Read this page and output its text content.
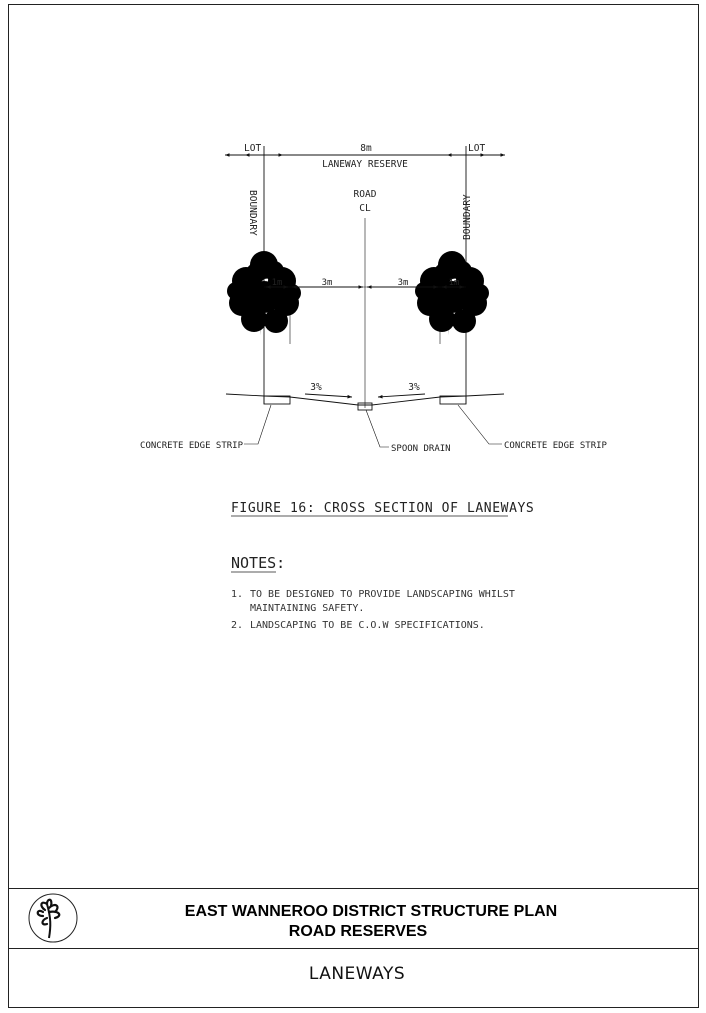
LOT	LOT
8m
LANEWAY RESERVE
ROAD
CL
BOUNDARY	BOUNDARY
1m	3m	3m	1m
3%	3%
CONCRETE EDGE STRIP	SPOON DRAIN	CONCRETE EDGE STRIP
FIGURE 16: CROSS SECTION OF LANEWAYS
NOTES:
1. TO BE DESIGNED TO PROVIDE LANDSCAPING WHILST
MAINTAINING SAFETY.
2. LANDSCAPING TO BE C.O.W SPECIFICATIONS.
EAST WANNEROO DISTRICT STRUCTURE PLAN
ROAD RESERVES
LANEWAYS
